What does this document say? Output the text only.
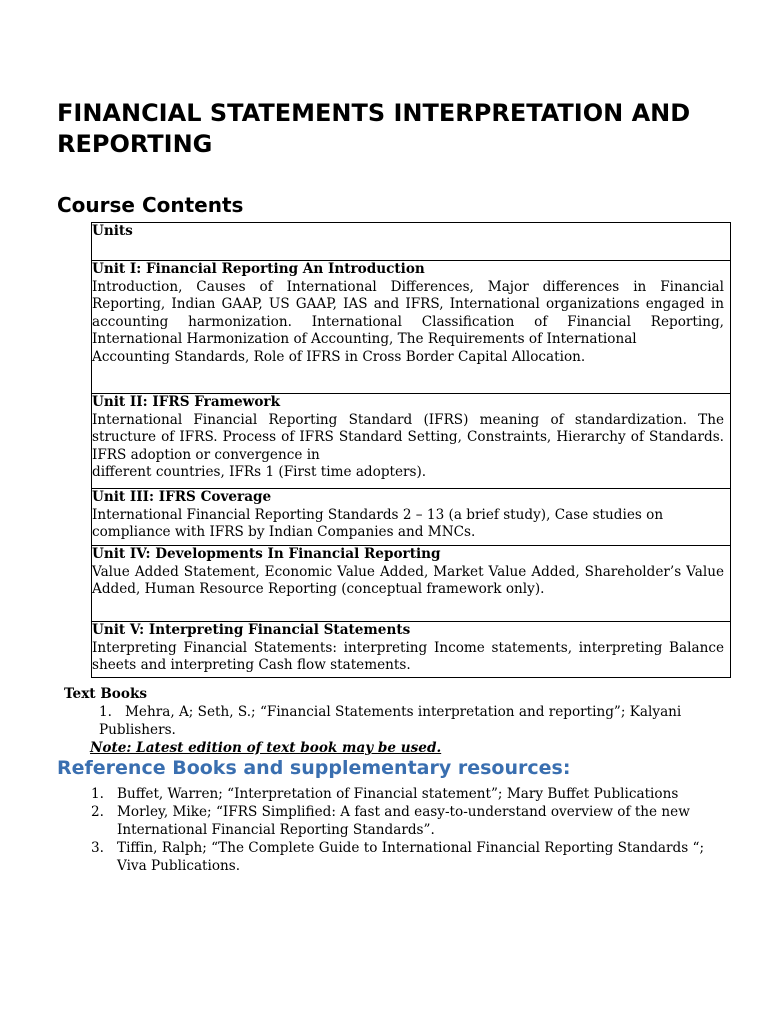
FINANCIAL STATEMENTS INTERPRETATION AND REPORTING
Course Contents
Units

Unit I: Financial Reporting An Introduction
Introduction, Causes of International Differences, Major differences in Financial Reporting, Indian GAAP, US GAAP, IAS and IFRS, International organizations engaged in accounting harmonization. International Classification of Financial Reporting, International Harmonization of Accounting, The Requirements of International
Accounting Standards, Role of IFRS in Cross Border Capital Allocation.

Unit II: IFRS Framework
International Financial Reporting Standard (IFRS) meaning of standardization. The structure of IFRS. Process of IFRS Standard Setting, Constraints, Hierarchy of Standards. IFRS adoption or convergence in
different countries, IFRs 1 (First time adopters).

Unit III: IFRS Coverage
International Financial Reporting Standards 2 – 13 (a brief study), Case studies on compliance with IFRS by Indian Companies and MNCs.

Unit IV: Developments In Financial Reporting
Value Added Statement, Economic Value Added, Market Value Added, Shareholder’s Value Added, Human Resource Reporting (conceptual framework only).

Unit V: Interpreting Financial Statements
Interpreting Financial Statements: interpreting Income statements, interpreting Balance sheets and interpreting Cash flow statements.
Text Books
1. Mehra, A; Seth, S.; “Financial Statements interpretation and reporting”; Kalyani Publishers.
Note: Latest edition of text book may be used.
Reference Books and supplementary resources:
1. Buffet, Warren; “Interpretation of Financial statement”; Mary Buffet Publications
2. Morley, Mike; “IFRS Simplified: A fast and easy-to-understand overview of the new International Financial Reporting Standards”.
3. Tiffin, Ralph; “The Complete Guide to International Financial Reporting Standards “; Viva Publications.
